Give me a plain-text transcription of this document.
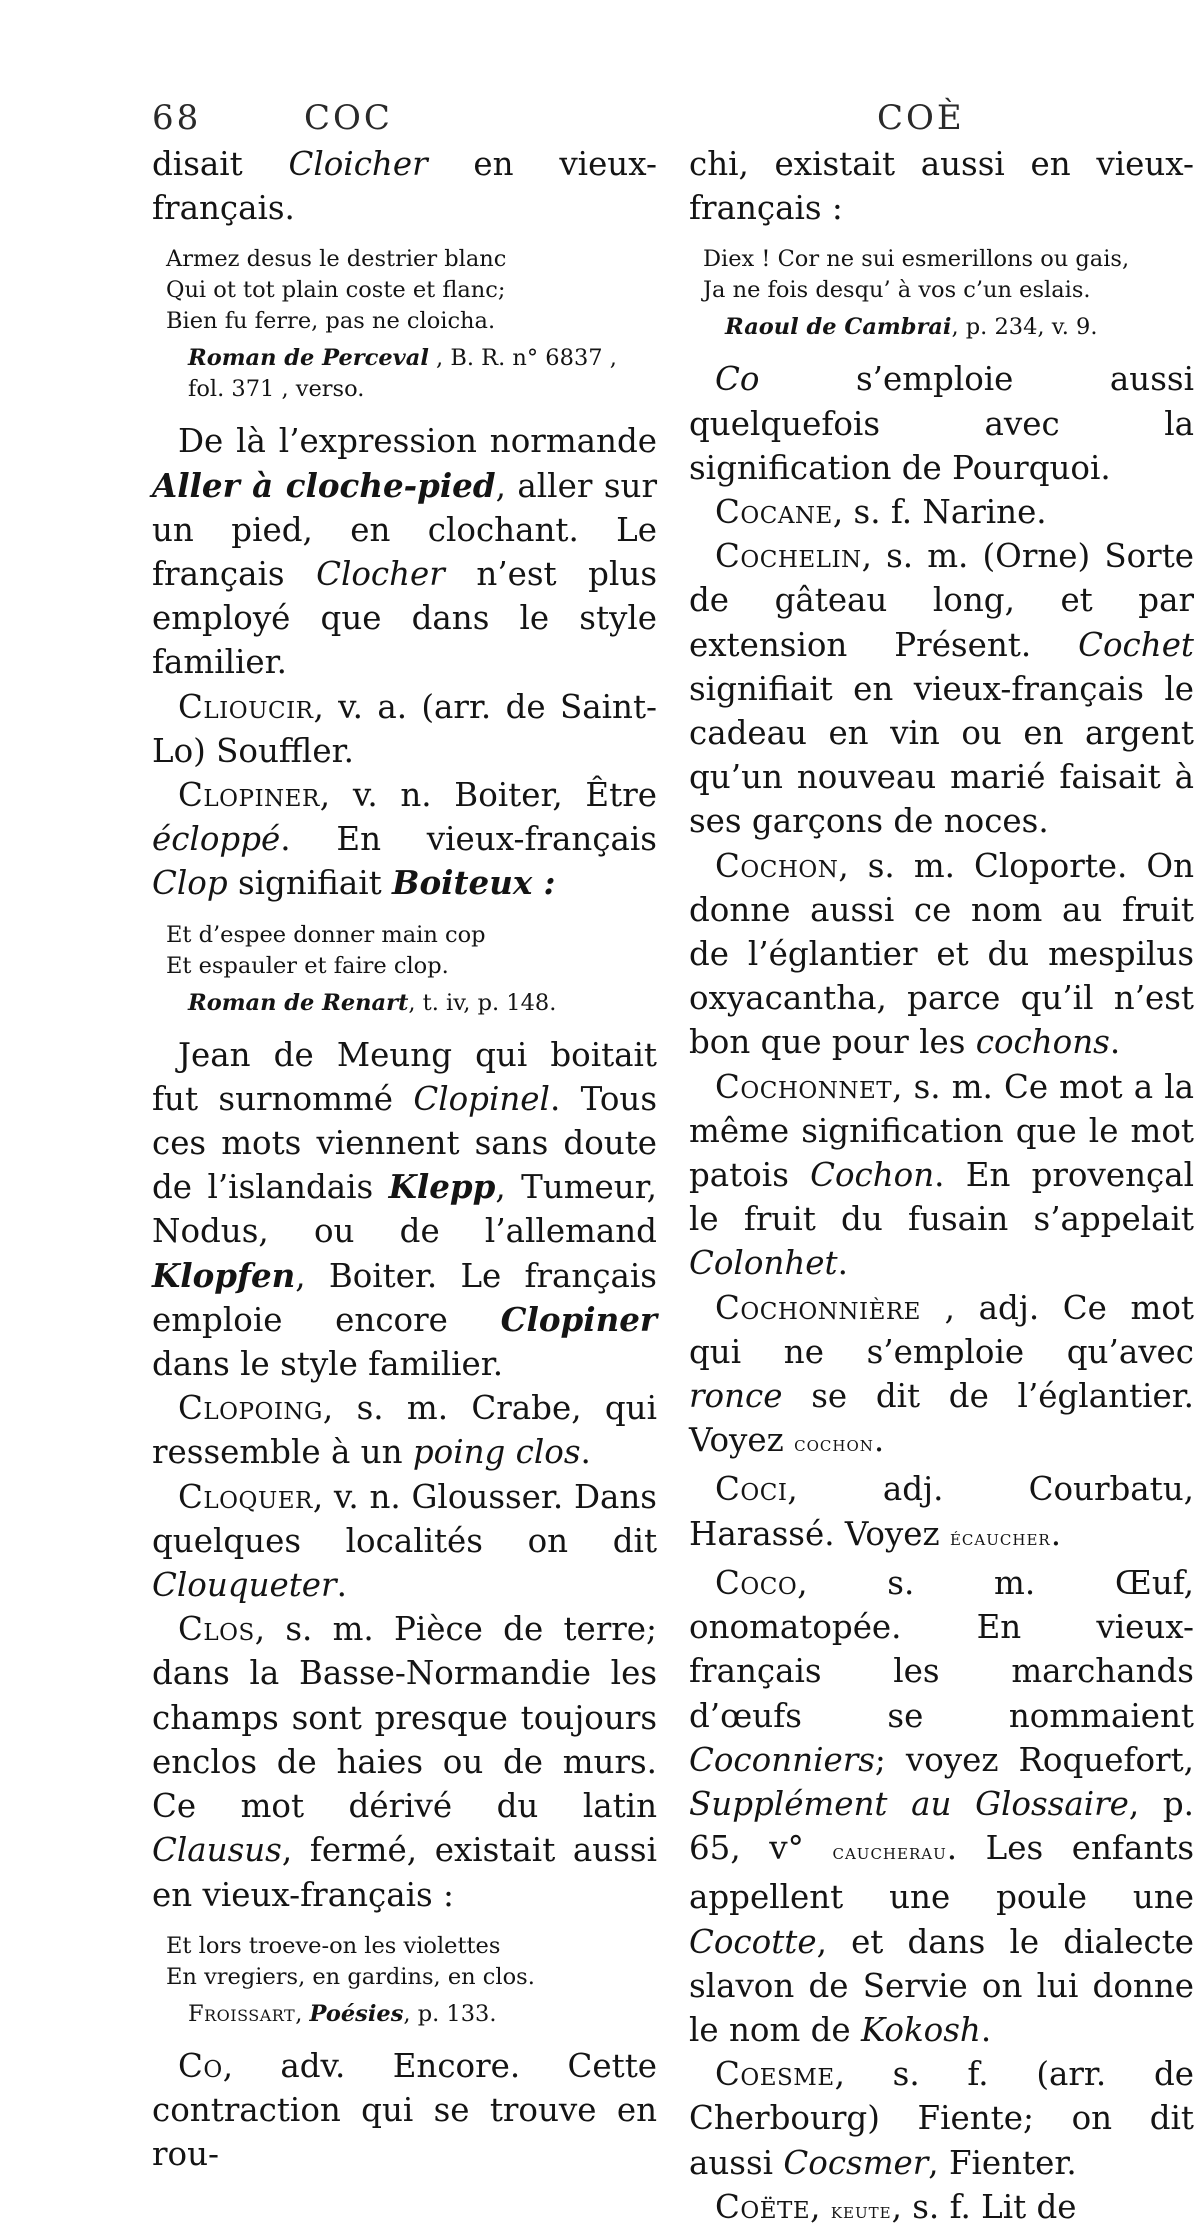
68	COC	COÈ

disait Cloicher en vieux-français.

Armez desus le destrier blanc
Qui ot tot plain coste et flanc;
Bien fu ferre, pas ne cloicha.
Roman de Perceval , B. R. n° 6837 , fol. 371 , verso.

De là l’expression normande Aller à cloche-pied, aller sur un pied, en clochant. Le français Clocher n’est plus employé que dans le style familier.

Clioucir, v. a. (arr. de Saint-Lo) Souffler.

Clopiner, v. n. Boiter, Être écloppé. En vieux-français Clop signifiait Boiteux :

Et d’espee donner main cop
Et espauler et faire clop.
Roman de Renart, t. iv, p. 148.

Jean de Meung qui boitait fut surnommé Clopinel. Tous ces mots viennent sans doute de l’islandais Klepp, Tumeur, Nodus, ou de l’allemand Klopfen, Boiter. Le français emploie encore Clopiner dans le style familier.

Clopoing, s. m. Crabe, qui ressemble à un poing clos.

Cloquer, v. n. Glousser. Dans quelques localités on dit Clouqueter.

Clos, s. m. Pièce de terre; dans la Basse-Normandie les champs sont presque toujours enclos de haies ou de murs. Ce mot dérivé du latin Clausus, fermé, existait aussi en vieux-français :

Et lors troeve-on les violettes
En vregiers, en gardins, en clos.
Froissart, Poésies, p. 133.

Co, adv. Encore. Cette contraction qui se trouve en rou-

chi, existait aussi en vieux-français :

Diex ! Cor ne sui esmerillons ou gais,
Ja ne fois desqu’ à vos c’un eslais.
Raoul de Cambrai, p. 234, v. 9.

Co s’emploie aussi quelquefois avec la signification de Pourquoi.

Cocane, s. f. Narine.

Cochelin, s. m. (Orne) Sorte de gâteau long, et par extension Présent. Cochet signifiait en vieux-français le cadeau en vin ou en argent qu’un nouveau marié faisait à ses garçons de noces.

Cochon, s. m. Cloporte. On donne aussi ce nom au fruit de l’églantier et du mespilus oxyacantha, parce qu’il n’est bon que pour les cochons.

Cochonnet, s. m. Ce mot a la même signification que le mot patois Cochon. En provençal le fruit du fusain s’appelait Colonhet.

Cochonnière , adj. Ce mot qui ne s’emploie qu’avec ronce se dit de l’églantier. Voyez cochon.

Coci, adj. Courbatu, Harassé. Voyez écaucher.

Coco, s. m. Œuf, onomatopée. En vieux-français les marchands d’œufs se nommaient Coconniers; voyez Roquefort, Supplément au Glossaire, p. 65, v° caucherau. Les enfants appellent une poule une Cocotte, et dans le dialecte slavon de Servie on lui donne le nom de Kokosh.

Coesme, s. f. (arr. de Cherbourg) Fiente; on dit aussi Cocsmer, Fienter.

Coëte, keute, s. f. Lit de
